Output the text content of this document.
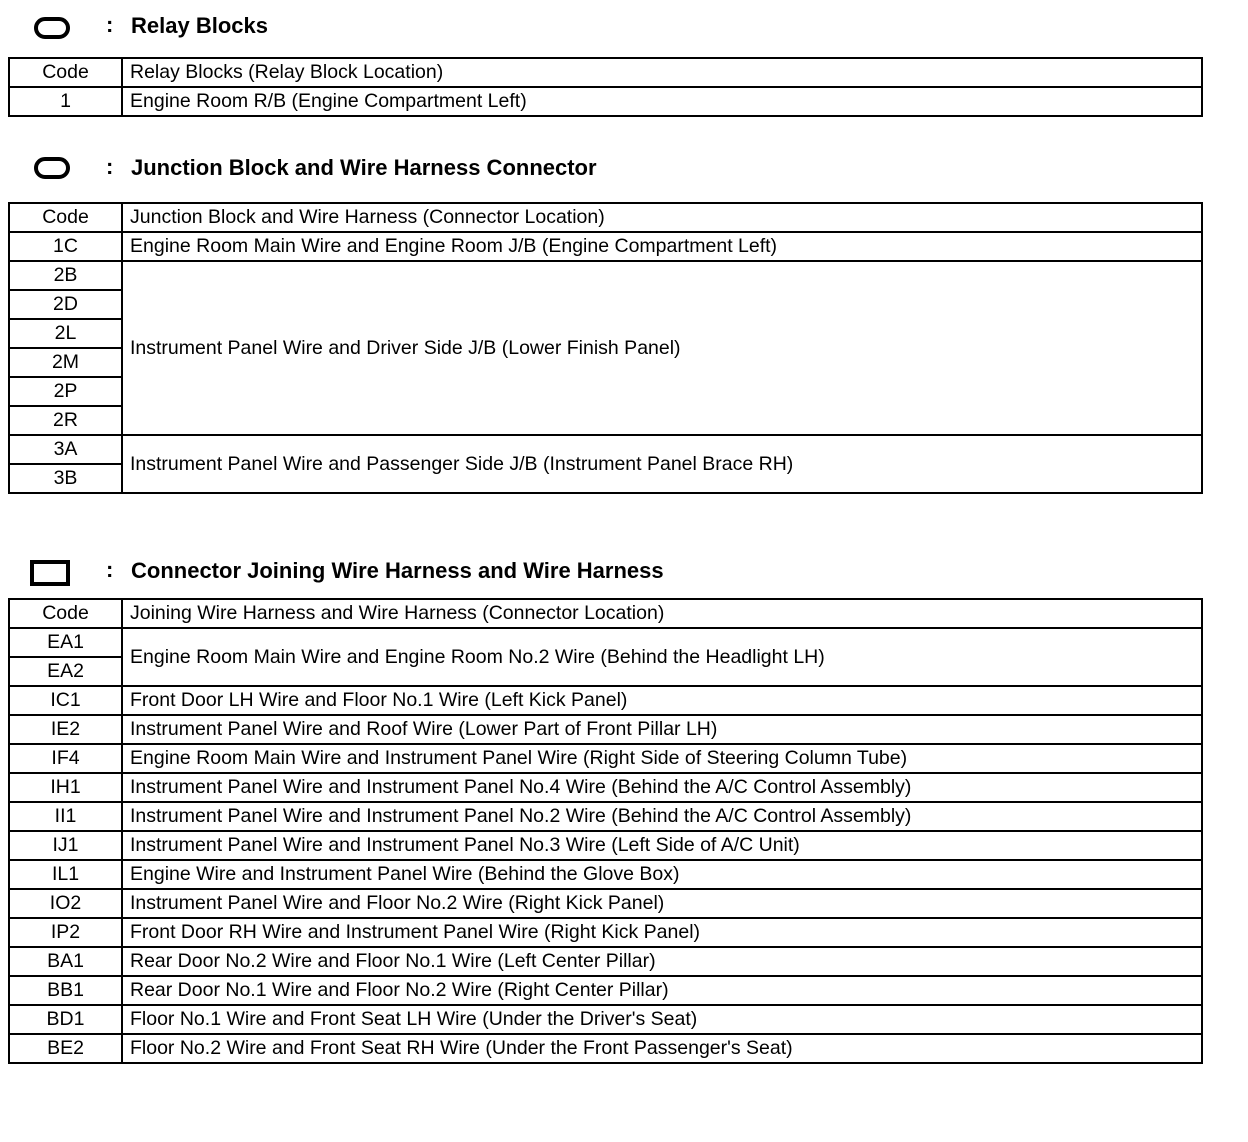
: Relay Blocks
Code	Relay Blocks (Relay Block Location)
1	Engine Room R/B (Engine Compartment Left)
: Junction Block and Wire Harness Connector
Code	Junction Block and Wire Harness (Connector Location)
1C	Engine Room Main Wire and Engine Room J/B (Engine Compartment Left)
2B	Instrument Panel Wire and Driver Side J/B (Lower Finish Panel)
2D	
2L	
2M	
2P	
2R	
3A	Instrument Panel Wire and Passenger Side J/B (Instrument Panel Brace RH)
3B	
: Connector Joining Wire Harness and Wire Harness
Code	Joining Wire Harness and Wire Harness (Connector Location)
EA1	Engine Room Main Wire and Engine Room No.2 Wire (Behind the Headlight LH)
EA2	
IC1	Front Door LH Wire and Floor No.1 Wire (Left Kick Panel)
IE2	Instrument Panel Wire and Roof Wire (Lower Part of Front Pillar LH)
IF4	Engine Room Main Wire and Instrument Panel Wire (Right Side of Steering Column Tube)
IH1	Instrument Panel Wire and Instrument Panel No.4 Wire (Behind the A/C Control Assembly)
II1	Instrument Panel Wire and Instrument Panel No.2 Wire (Behind the A/C Control Assembly)
IJ1	Instrument Panel Wire and Instrument Panel No.3 Wire (Left Side of A/C Unit)
IL1	Engine Wire and Instrument Panel Wire (Behind the Glove Box)
IO2	Instrument Panel Wire and Floor No.2 Wire (Right Kick Panel)
IP2	Front Door RH Wire and Instrument Panel Wire (Right Kick Panel)
BA1	Rear Door No.2 Wire and Floor No.1 Wire (Left Center Pillar)
BB1	Rear Door No.1 Wire and Floor No.2 Wire (Right Center Pillar)
BD1	Floor No.1 Wire and Front Seat LH Wire (Under the Driver's Seat)
BE2	Floor No.2 Wire and Front Seat RH Wire (Under the Front Passenger's Seat)
